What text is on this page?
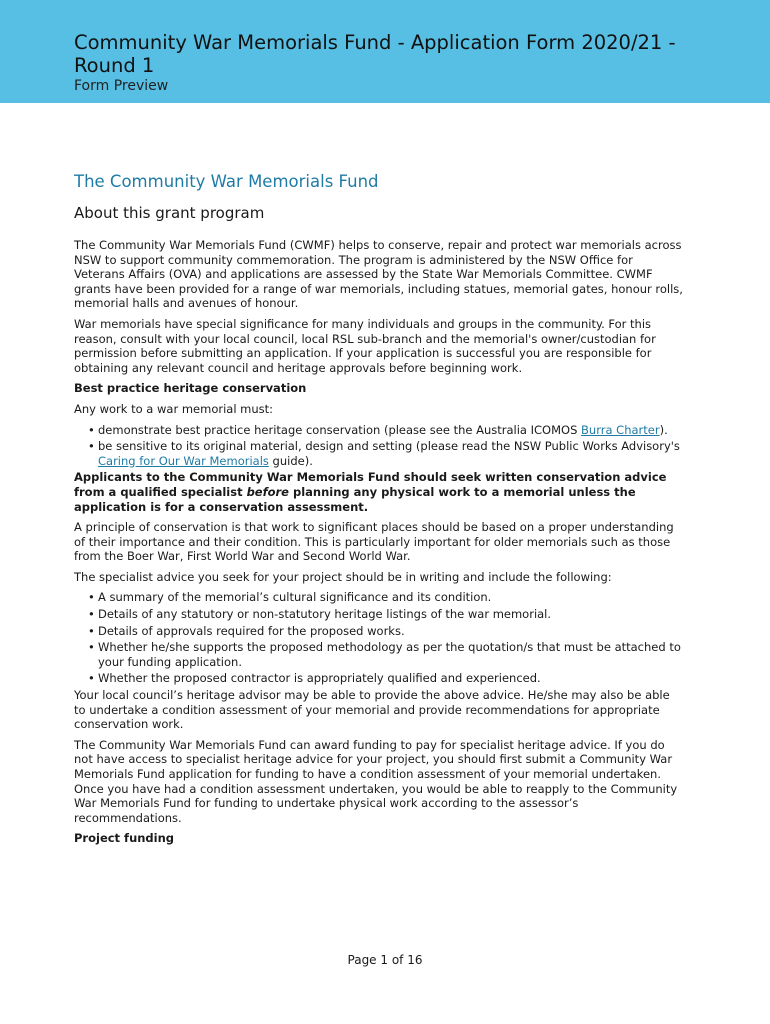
Community War Memorials Fund - Application Form 2020/21 - Round 1
Form Preview
The Community War Memorials Fund
About this grant program

The Community War Memorials Fund (CWMF) helps to conserve, repair and protect war memorials across NSW to support community commemoration. The program is administered by the NSW Office for Veterans Affairs (OVA) and applications are assessed by the State War Memorials Committee. CWMF grants have been provided for a range of war memorials, including statues, memorial gates, honour rolls, memorial halls and avenues of honour.

War memorials have special significance for many individuals and groups in the community. For this reason, consult with your local council, local RSL sub-branch and the memorial's owner/custodian for permission before submitting an application. If your application is successful you are responsible for obtaining any relevant council and heritage approvals before beginning work.

Best practice heritage conservation

Any work to a war memorial must:

• demonstrate best practice heritage conservation (please see the Australia ICOMOS Burra Charter).
• be sensitive to its original material, design and setting (please read the NSW Public Works Advisory's Caring for Our War Memorials guide).

Applicants to the Community War Memorials Fund should seek written conservation advice from a qualified specialist before planning any physical work to a memorial unless the application is for a conservation assessment.

A principle of conservation is that work to significant places should be based on a proper understanding of their importance and their condition. This is particularly important for older memorials such as those from the Boer War, First World War and Second World War.

The specialist advice you seek for your project should be in writing and include the following:

• A summary of the memorial’s cultural significance and its condition.
• Details of any statutory or non-statutory heritage listings of the war memorial.
• Details of approvals required for the proposed works.
• Whether he/she supports the proposed methodology as per the quotation/s that must be attached to your funding application.
• Whether the proposed contractor is appropriately qualified and experienced.

Your local council’s heritage advisor may be able to provide the above advice. He/she may also be able to undertake a condition assessment of your memorial and provide recommendations for appropriate conservation work.

The Community War Memorials Fund can award funding to pay for specialist heritage advice. If you do not have access to specialist heritage advice for your project, you should first submit a Community War Memorials Fund application for funding to have a condition assessment of your memorial undertaken. Once you have had a condition assessment undertaken, you would be able to reapply to the Community War Memorials Fund for funding to undertake physical work according to the assessor’s recommendations.

Project funding

Page 1 of 16
